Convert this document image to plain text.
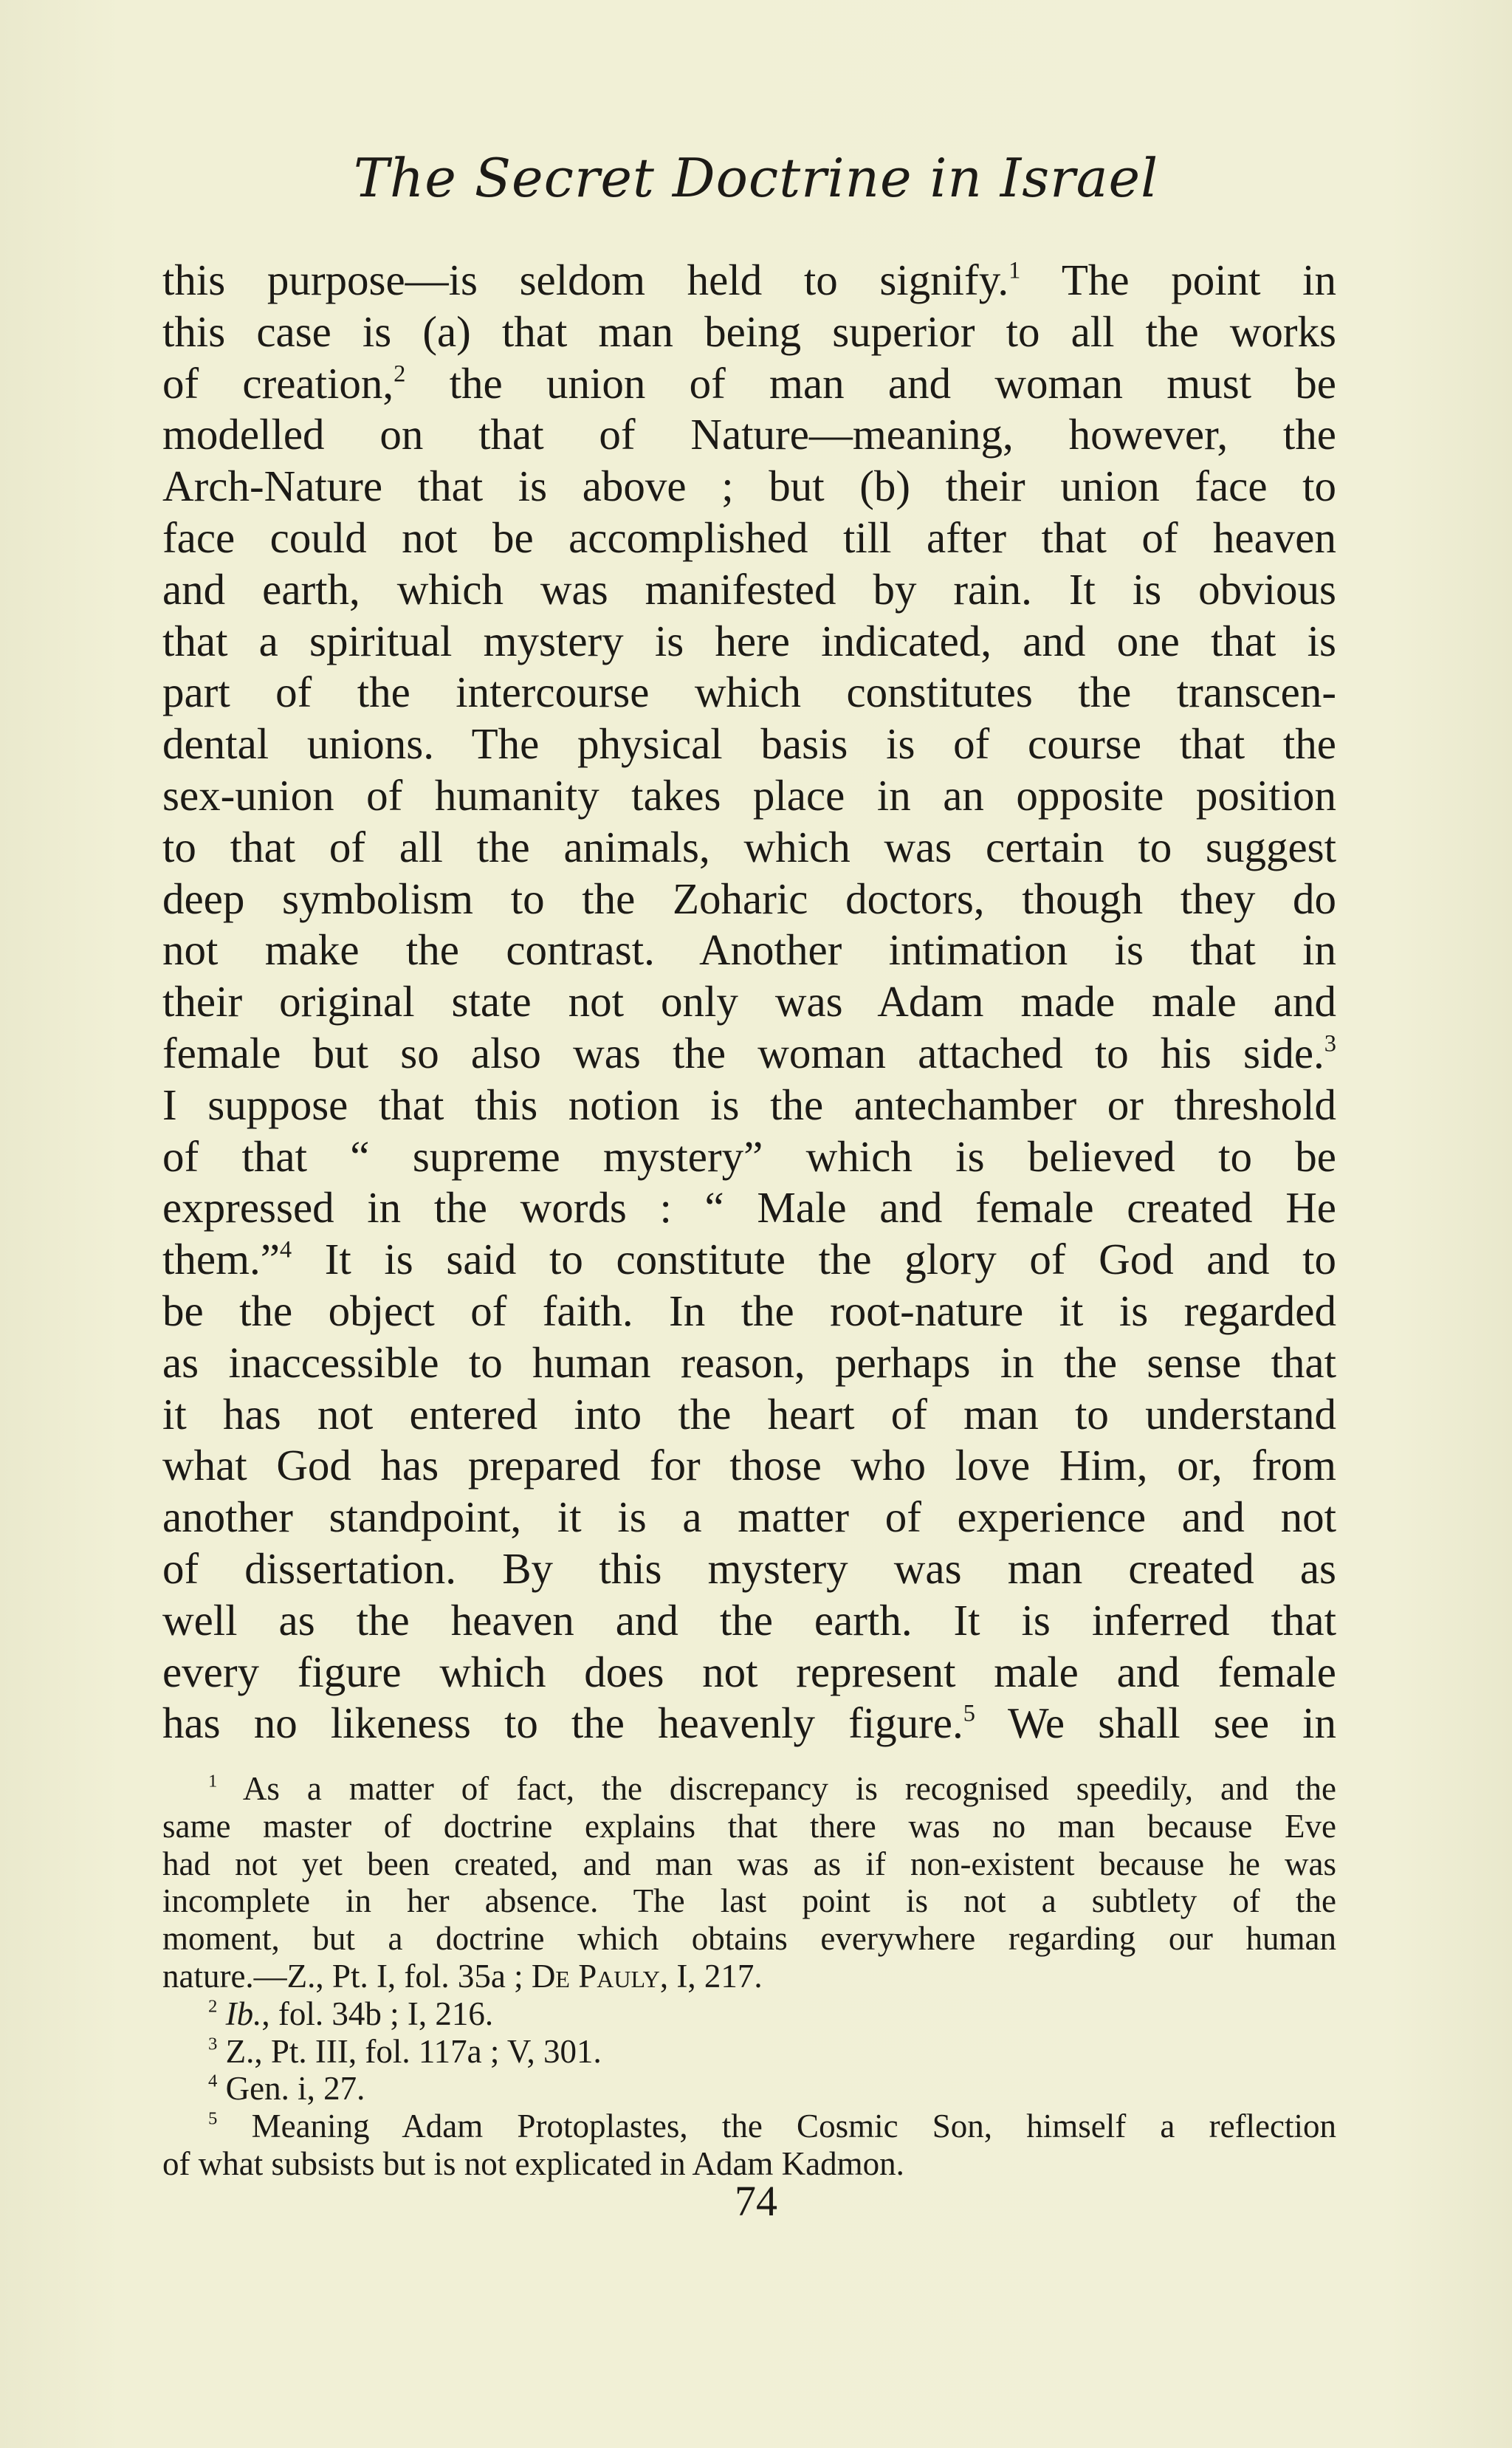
The Secret Doctrine in Israel
this purpose—is seldom held to signify.$^1$ The point in
this case is (a) that man being superior to all the works
of creation,$^2$ the union of man and woman must be
modelled on that of Nature—meaning, however, the
Arch-Nature that is above ; but (b) their union face to
face could not be accomplished till after that of heaven
and earth, which was manifested by rain. It is obvious
that a spiritual mystery is here indicated, and one that is
part of the intercourse which constitutes the transcen-
dental unions. The physical basis is of course that the
sex-union of humanity takes place in an opposite position
to that of all the animals, which was certain to suggest
deep symbolism to the Zoharic doctors, though they do
not make the contrast. Another intimation is that in
their original state not only was Adam made male and
female but so also was the woman attached to his side.$^3$
I suppose that this notion is the antechamber or threshold
of that “ supreme mystery” which is believed to be
expressed in the words : “ Male and female created He
them.”$^4$ It is said to constitute the glory of God and to
be the object of faith. In the root-nature it is regarded
as inaccessible to human reason, perhaps in the sense that
it has not entered into the heart of man to understand
what God has prepared for those who love Him, or, from
another standpoint, it is a matter of experience and not
of dissertation. By this mystery was man created as
well as the heaven and the earth. It is inferred that
every figure which does not represent male and female
has no likeness to the heavenly figure.$^5$ We shall see in
$^1$ As a matter of fact, the discrepancy is recognised speedily, and the
same master of doctrine explains that there was no man because Eve
had not yet been created, and man was as if non-existent because he was
incomplete in her absence. The last point is not a subtlety of the
moment, but a doctrine which obtains everywhere regarding our human
nature.—Z., Pt. I, fol. 35a ; De Pauly, I, 217.
$^2$ Ib., fol. 34b ; I, 216.
$^3$ Z., Pt. III, fol. 117a ; V, 301.
$^4$ Gen. i, 27.
$^5$ Meaning Adam Protoplastes, the Cosmic Son, himself a reflection
of what subsists but is not explicated in Adam Kadmon.
74
